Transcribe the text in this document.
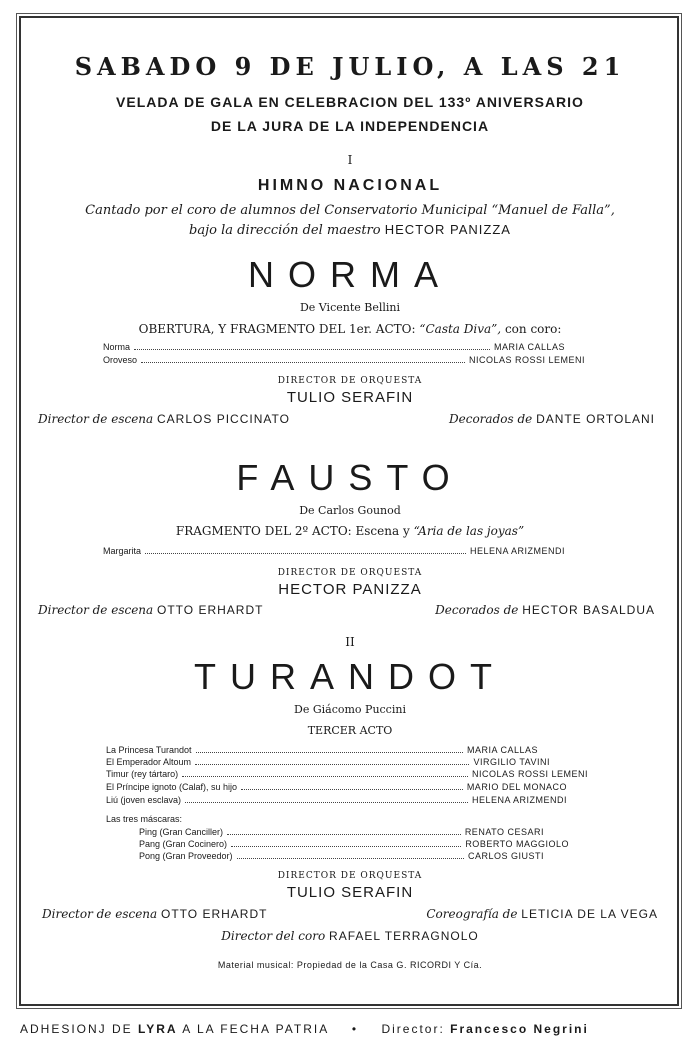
SABADO 9 DE JULIO, A LAS 21
VELADA DE GALA EN CELEBRACION DEL 133º ANIVERSARIO
DE LA JURA DE LA INDEPENDENCIA
I
HIMNO NACIONAL
Cantado por el coro de alumnos del Conservatorio Municipal “Manuel de Falla”,
bajo la dirección del maestro HECTOR PANIZZA
NORMA
De Vicente Bellini
OBERTURA, Y FRAGMENTO DEL 1er. ACTO: “Casta Diva”, con coro:
Norma	MARIA CALLAS
Oroveso	NICOLAS ROSSI LEMENI
DIRECTOR DE ORQUESTA
TULIO SERAFIN
Director de escena CARLOS PICCINATO	Decorados de DANTE ORTOLANI
FAUSTO
De Carlos Gounod
FRAGMENTO DEL 2º ACTO: Escena y “Aria de las joyas”
Margarita	HELENA ARIZMENDI
DIRECTOR DE ORQUESTA
HECTOR PANIZZA
Director de escena OTTO ERHARDT	Decorados de HECTOR BASALDUA
II
TURANDOT
De Giácomo Puccini
TERCER ACTO
La Princesa Turandot	MARIA CALLAS
El Emperador Altoum	VIRGILIO TAVINI
Timur (rey tártaro)	NICOLAS ROSSI LEMENI
El Príncipe ignoto (Calaf), su hijo	MARIO DEL MONACO
Liú (joven esclava)	HELENA ARIZMENDI
Las tres máscaras:
Ping (Gran Canciller)	RENATO CESARI
Pang (Gran Cocinero)	ROBERTO MAGGIOLO
Pong (Gran Proveedor)	CARLOS GIUSTI
DIRECTOR DE ORQUESTA
TULIO SERAFIN
Director de escena OTTO ERHARDT	Coreografía de LETICIA DE LA VEGA
Director del coro RAFAEL TERRAGNOLO
Material musical: Propiedad de la Casa G. RICORDI Y Cía.
ADHESIONJ DE LYRA A LA FECHA PATRIA • Director: Francesco Negrini
